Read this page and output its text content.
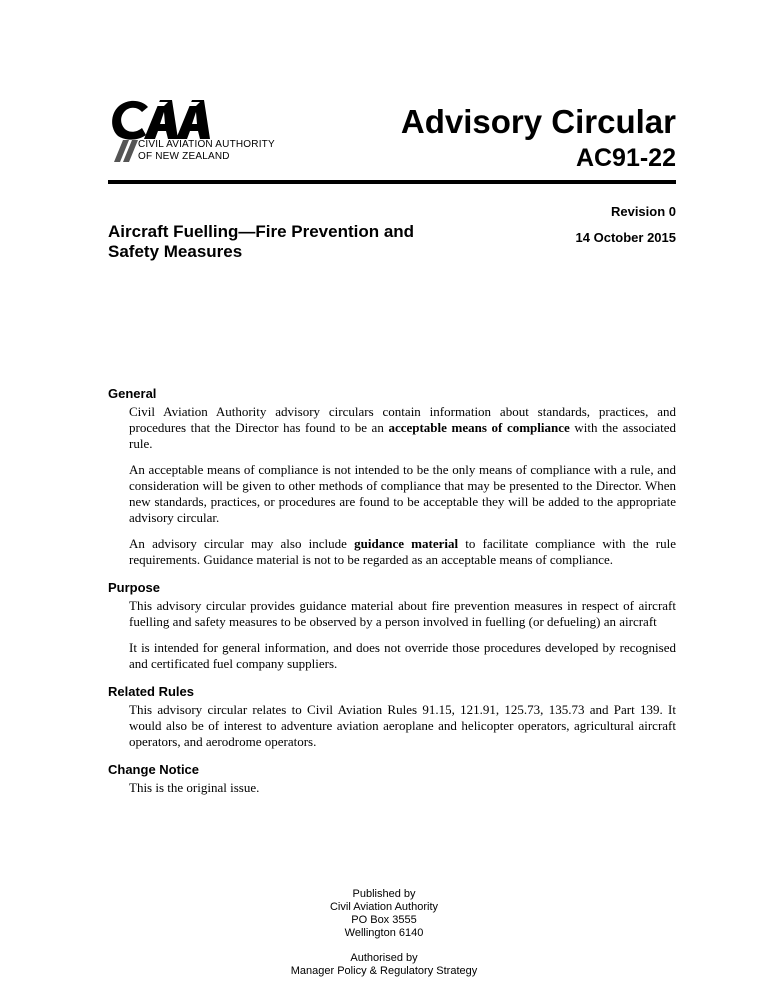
CIVIL AVIATION AUTHORITY
OF NEW ZEALAND
Advisory Circular
AC91-22
Revision 0
14 October 2015
Aircraft Fuelling—Fire Prevention and Safety Measures
General

Civil Aviation Authority advisory circulars contain information about standards, practices, and procedures that the Director has found to be an acceptable means of compliance with the associated rule.

An acceptable means of compliance is not intended to be the only means of compliance with a rule, and consideration will be given to other methods of compliance that may be presented to the Director. When new standards, practices, or procedures are found to be acceptable they will be added to the appropriate advisory circular.

An advisory circular may also include guidance material to facilitate compliance with the rule requirements. Guidance material is not to be regarded as an acceptable means of compliance.

Purpose

This advisory circular provides guidance material about fire prevention measures in respect of aircraft fuelling and safety measures to be observed by a person involved in fuelling (or defueling) an aircraft

It is intended for general information, and does not override those procedures developed by recognised and certificated fuel company suppliers.

Related Rules

This advisory circular relates to Civil Aviation Rules 91.15, 121.91, 125.73, 135.73 and Part 139. It would also be of interest to adventure aviation aeroplane and helicopter operators, agricultural aircraft operators, and aerodrome operators.

Change Notice

This is the original issue.

Published by
Civil Aviation Authority
PO Box 3555
Wellington 6140
Authorised by
Manager Policy & Regulatory Strategy
